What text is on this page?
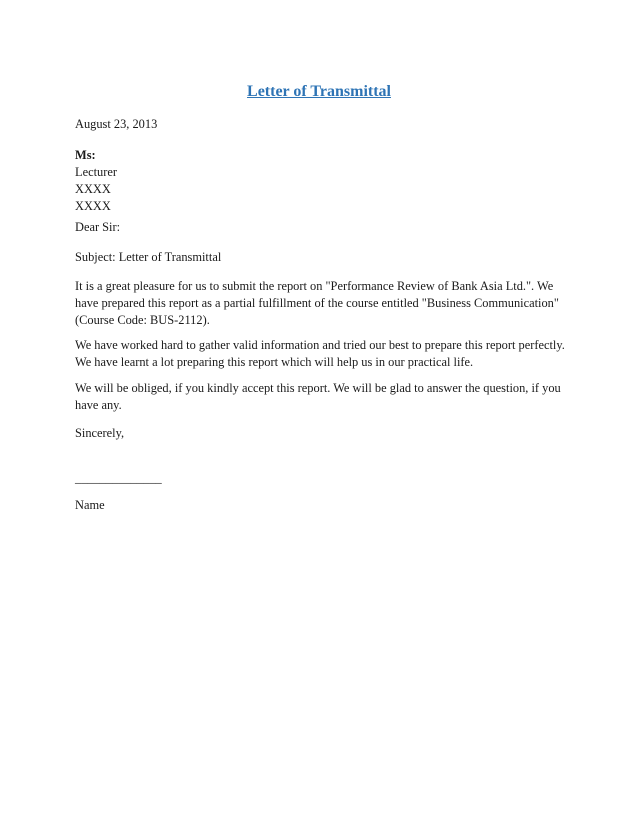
Letter of Transmittal
August 23, 2013

Ms:

Lecturer

XXXX

XXXX

Dear Sir:
Subject: Letter of Transmittal
It is a great pleasure for us to submit the report on "Performance Review of Bank Asia Ltd.". We have prepared this report as a partial fulfillment of the course entitled "Business Communication" (Course Code: BUS-2112).
We have worked hard to gather valid information and tried our best to prepare this report perfectly. We have learnt a lot preparing this report which will help us in our practical life.
We will be obliged, if you kindly accept this report. We will be glad to answer the question, if you have any.
Sincerely,
______________
Name
